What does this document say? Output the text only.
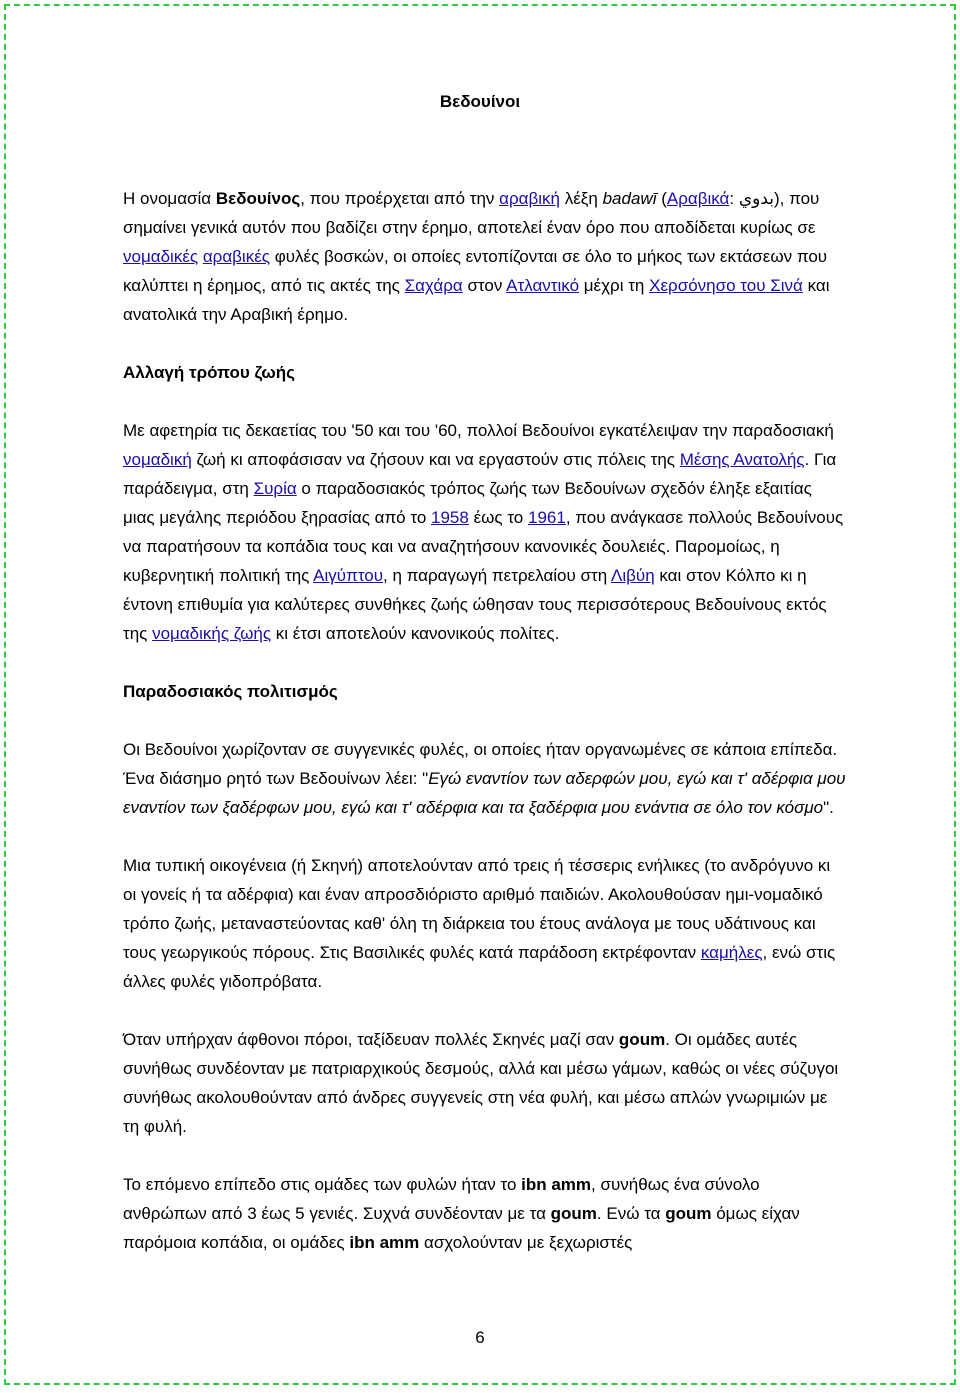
Βεδουίνοι

Η ονομασία Βεδουίνος, που προέρχεται από την αραβική λέξη badawī (Αραβικά: بدوي), που σημαίνει γενικά αυτόν που βαδίζει στην έρημο, αποτελεί έναν όρο που αποδίδεται κυρίως σε νομαδικές αραβικές φυλές βοσκών, οι οποίες εντοπίζονται σε όλο το μήκος των εκτάσεων που καλύπτει η έρημος, από τις ακτές της Σαχάρα στον Ατλαντικό μέχρι τη Χερσόνησο του Σινά και ανατολικά την Αραβική έρημο.

Αλλαγή τρόπου ζωής

Με αφετηρία τις δεκαετίας του '50 και του '60, πολλοί Βεδουίνοι εγκατέλειψαν την παραδοσιακή νομαδική ζωή κι αποφάσισαν να ζήσουν και να εργαστούν στις πόλεις της Μέσης Ανατολής. Για παράδειγμα, στη Συρία ο παραδοσιακός τρόπος ζωής των Βεδουίνων σχεδόν έληξε εξαιτίας μιας μεγάλης περιόδου ξηρασίας από το 1958 έως το 1961, που ανάγκασε πολλούς Βεδουίνους να παρατήσουν τα κοπάδια τους και να αναζητήσουν κανονικές δουλειές. Παρομοίως, η κυβερνητική πολιτική της Αιγύπτου, η παραγωγή πετρελαίου στη Λιβύη και στον Κόλπο κι η έντονη επιθυμία για καλύτερες συνθήκες ζωής ώθησαν τους περισσότερους Βεδουίνους εκτός της νομαδικής ζωής κι έτσι αποτελούν κανονικούς πολίτες.

Παραδοσιακός πολιτισμός

Οι Βεδουίνοι χωρίζονταν σε συγγενικές φυλές, οι οποίες ήταν οργανωμένες σε κάποια επίπεδα. Ένα διάσημο ρητό των Βεδουίνων λέει: "Εγώ εναντίον των αδερφών μου, εγώ και τ' αδέρφια μου εναντίον των ξαδέρφων μου, εγώ και τ' αδέρφια και τα ξαδέρφια μου ενάντια σε όλο τον κόσμο".

Μια τυπική οικογένεια (ή Σκηνή) αποτελούνταν από τρεις ή τέσσερις ενήλικες (το ανδρόγυνο κι οι γονείς ή τα αδέρφια) και έναν απροσδιόριστο αριθμό παιδιών. Ακολουθούσαν ημι-νομαδικό τρόπο ζωής, μεταναστεύοντας καθ' όλη τη διάρκεια του έτους ανάλογα με τους υδάτινους και τους γεωργικούς πόρους. Στις Βασιλικές φυλές κατά παράδοση εκτρέφονταν καμήλες, ενώ στις άλλες φυλές γιδοπρόβατα.

Όταν υπήρχαν άφθονοι πόροι, ταξίδευαν πολλές Σκηνές μαζί σαν goum. Οι ομάδες αυτές συνήθως συνδέονταν με πατριαρχικούς δεσμούς, αλλά και μέσω γάμων, καθώς οι νέες σύζυγοι συνήθως ακολουθούνταν από άνδρες συγγενείς στη νέα φυλή, και μέσω απλών γνωριμιών με τη φυλή.

Το επόμενο επίπεδο στις ομάδες των φυλών ήταν το ibn amm, συνήθως ένα σύνολο ανθρώπων από 3 έως 5 γενιές. Συχνά συνδέονταν με τα goum. Ενώ τα goum όμως είχαν παρόμοια κοπάδια, οι ομάδες ibn amm ασχολούνταν με ξεχωριστές

6
